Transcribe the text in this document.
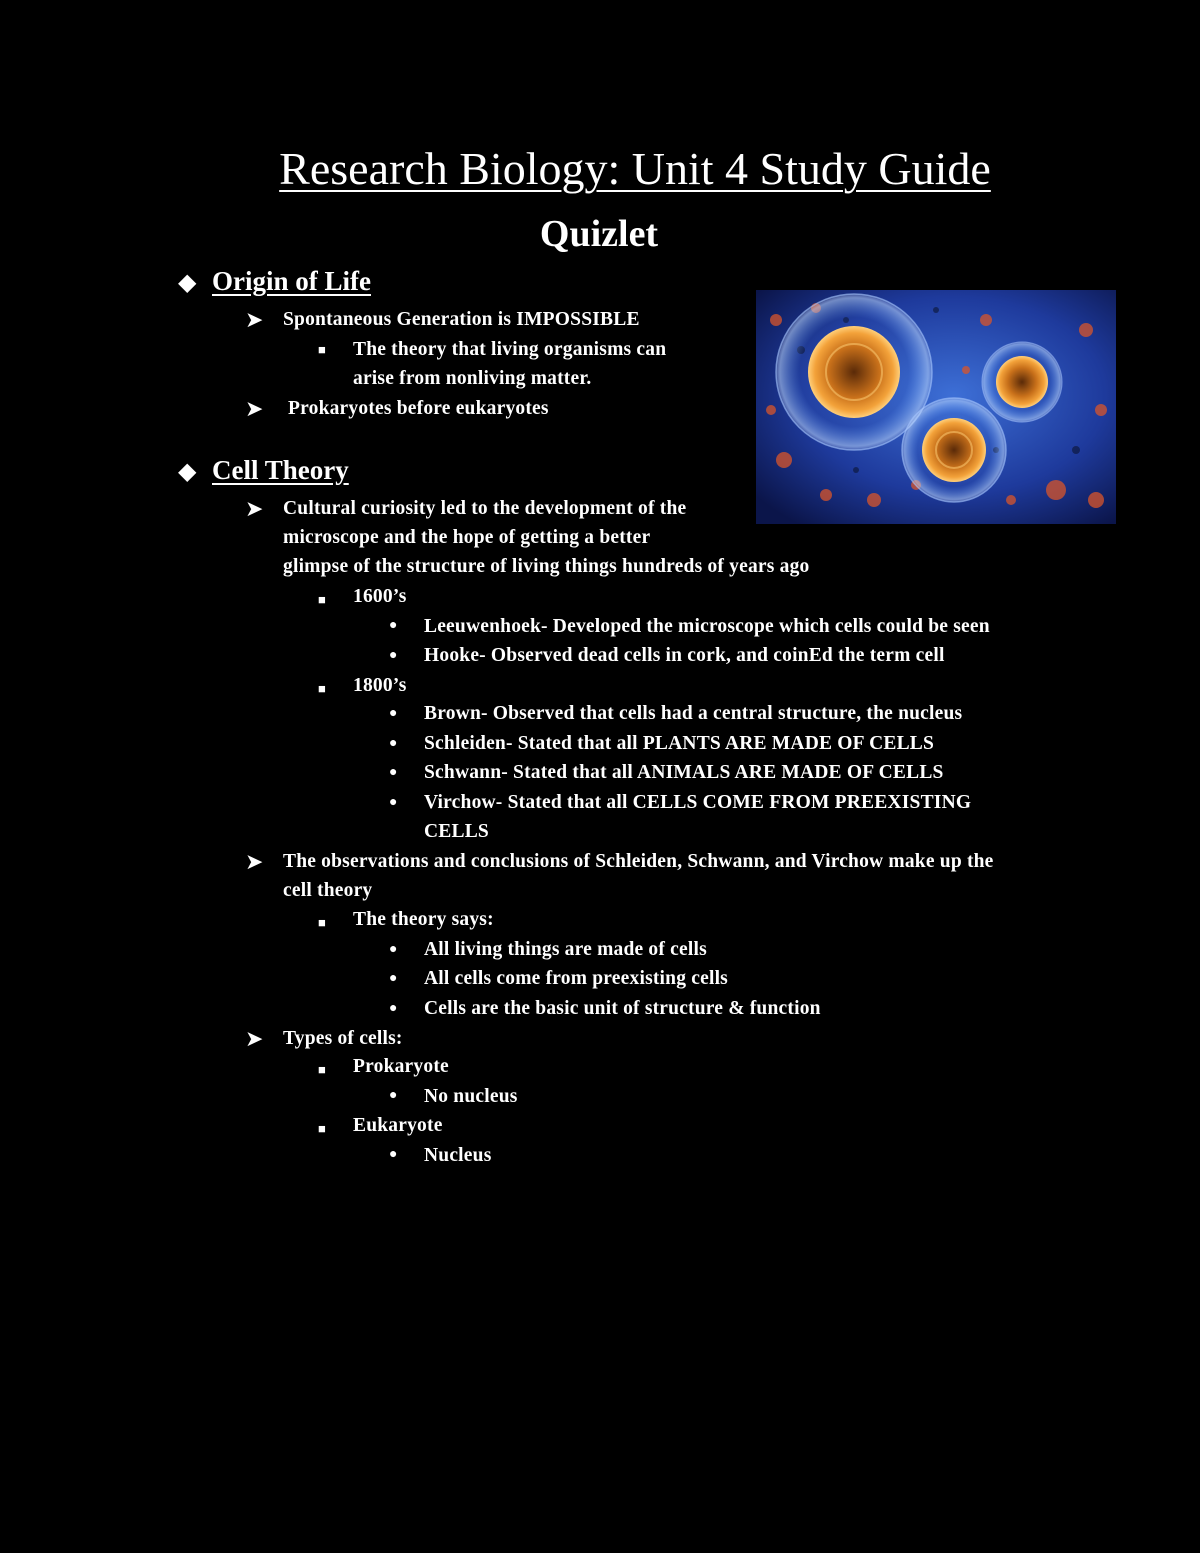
Research Biology: Unit 4 Study Guide
Quizlet
◆ Origin of Life
➤ Spontaneous Generation is IMPOSSIBLE
■ The theory that living organisms can
arise from nonliving matter.
➤ Prokaryotes before eukaryotes
◆ Cell Theory
➤ Cultural curiosity led to the development of the
microscope and the hope of getting a better
glimpse of the structure of living things hundreds of years ago
■ 1600’s
● Leeuwenhoek- Developed the microscope which cells could be seen
● Hooke- Observed dead cells in cork, and coinEd the term cell
■ 1800’s
● Brown- Observed that cells had a central structure, the nucleus
● Schleiden- Stated that all PLANTS ARE MADE OF CELLS
● Schwann- Stated that all ANIMALS ARE MADE OF CELLS
● Virchow- Stated that all CELLS COME FROM PREEXISTING
CELLS
➤ The observations and conclusions of Schleiden, Schwann, and Virchow make up the
cell theory
■ The theory says:
● All living things are made of cells
● All cells come from preexisting cells
● Cells are the basic unit of structure & function
➤ Types of cells:
■ Prokaryote
● No nucleus
■ Eukaryote
● Nucleus
